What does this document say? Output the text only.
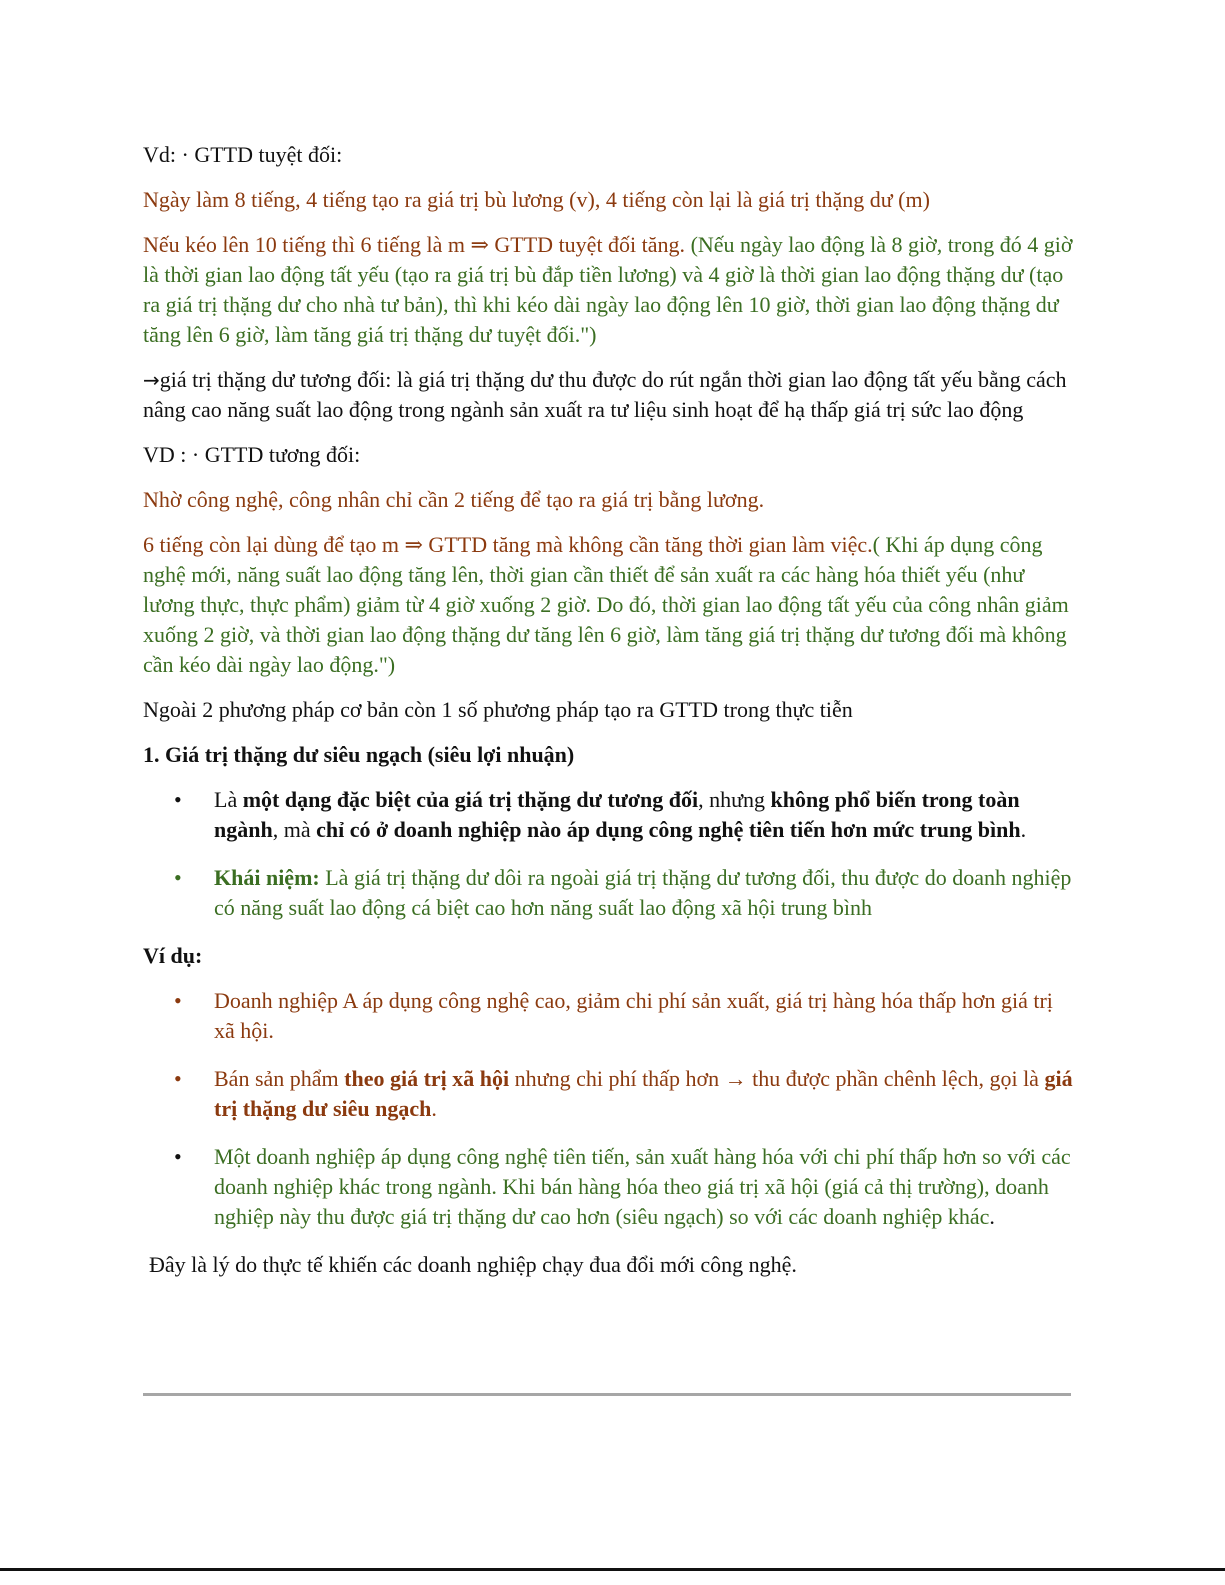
Vd: · GTTD tuyệt đối:

Ngày làm 8 tiếng, 4 tiếng tạo ra giá trị bù lương (v), 4 tiếng còn lại là giá trị thặng dư (m)

Nếu kéo lên 10 tiếng thì 6 tiếng là m ⇒ GTTD tuyệt đối tăng. (Nếu ngày lao động là 8 giờ, trong đó 4 giờ là thời gian lao động tất yếu (tạo ra giá trị bù đắp tiền lương) và 4 giờ là thời gian lao động thặng dư (tạo ra giá trị thặng dư cho nhà tư bản), thì khi kéo dài ngày lao động lên 10 giờ, thời gian lao động thặng dư tăng lên 6 giờ, làm tăng giá trị thặng dư tuyệt đối.")

→giá trị thặng dư tương đối: là giá trị thặng dư thu được do rút ngắn thời gian lao động tất yếu bằng cách nâng cao năng suất lao động trong ngành sản xuất ra tư liệu sinh hoạt để hạ thấp giá trị sức lao động

VD : · GTTD tương đối:

Nhờ công nghệ, công nhân chỉ cần 2 tiếng để tạo ra giá trị bằng lương.

6 tiếng còn lại dùng để tạo m ⇒ GTTD tăng mà không cần tăng thời gian làm việc.( Khi áp dụng công nghệ mới, năng suất lao động tăng lên, thời gian cần thiết để sản xuất ra các hàng hóa thiết yếu (như lương thực, thực phẩm) giảm từ 4 giờ xuống 2 giờ. Do đó, thời gian lao động tất yếu của công nhân giảm xuống 2 giờ, và thời gian lao động thặng dư tăng lên 6 giờ, làm tăng giá trị thặng dư tương đối mà không cần kéo dài ngày lao động.")

Ngoài 2 phương pháp cơ bản còn 1 số phương pháp tạo ra GTTD trong thực tiễn

1. Giá trị thặng dư siêu ngạch (siêu lợi nhuận)

• Là một dạng đặc biệt của giá trị thặng dư tương đối, nhưng không phổ biến trong toàn ngành, mà chỉ có ở doanh nghiệp nào áp dụng công nghệ tiên tiến hơn mức trung bình.
• Khái niệm: Là giá trị thặng dư dôi ra ngoài giá trị thặng dư tương đối, thu được do doanh nghiệp có năng suất lao động cá biệt cao hơn năng suất lao động xã hội trung bình

Ví dụ:

• Doanh nghiệp A áp dụng công nghệ cao, giảm chi phí sản xuất, giá trị hàng hóa thấp hơn giá trị xã hội.
• Bán sản phẩm theo giá trị xã hội nhưng chi phí thấp hơn → thu được phần chênh lệch, gọi là giá trị thặng dư siêu ngạch.
• Một doanh nghiệp áp dụng công nghệ tiên tiến, sản xuất hàng hóa với chi phí thấp hơn so với các doanh nghiệp khác trong ngành. Khi bán hàng hóa theo giá trị xã hội (giá cả thị trường), doanh nghiệp này thu được giá trị thặng dư cao hơn (siêu ngạch) so với các doanh nghiệp khác.

Đây là lý do thực tế khiến các doanh nghiệp chạy đua đổi mới công nghệ.
